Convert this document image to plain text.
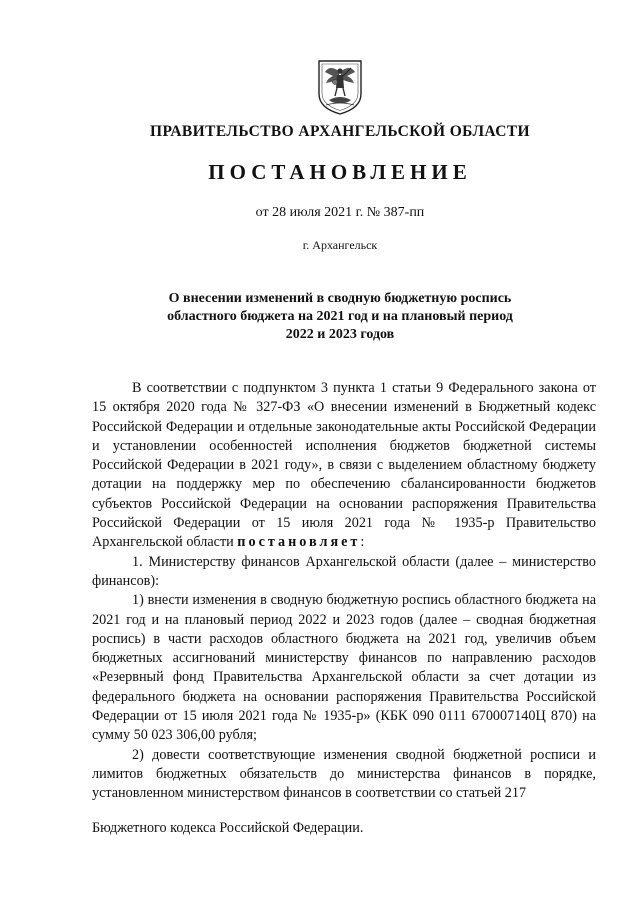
ПРАВИТЕЛЬСТВО АРХАНГЕЛЬСКОЙ ОБЛАСТИ
ПОСТАНОВЛЕНИЕ
от 28 июля 2021 г. № 387-пп
г. Архангельск
О внесении изменений в сводную бюджетную роспись
областного бюджета на 2021 год и на плановый период
2022 и 2023 годов

В соответствии с подпунктом 3 пункта 1 статьи 9 Федерального закона от 15 октября 2020 года № 327-ФЗ «О внесении изменений в Бюджетный кодекс Российской Федерации и отдельные законодательные акты Российской Федерации и установлении особенностей исполнения бюджетов бюджетной системы Российской Федерации в 2021 году», в связи с выделением областному бюджету дотации на поддержку мер по обеспечению сбалансированности бюджетов субъектов Российской Федерации на основании распоряжения Правительства Российской Федерации от 15 июля 2021 года № 1935-р Правительство Архангельской области постановляет:

1. Министерству финансов Архангельской области (далее – министерство финансов):

1) внести изменения в сводную бюджетную роспись областного бюджета на 2021 год и на плановый период 2022 и 2023 годов (далее – сводная бюджетная роспись) в части расходов областного бюджета на 2021 год, увеличив объем бюджетных ассигнований министерству финансов по направлению расходов «Резервный фонд Правительства Архангельской области за счет дотации из федерального бюджета на основании распоряжения Правительства Российской Федерации от 15 июля 2021 года № 1935-р» (КБК 090 0111 670007140Ц 870) на сумму 50 023 306,00 рубля;

2) довести соответствующие изменения сводной бюджетной росписи и лимитов бюджетных обязательств до министерства финансов в порядке, установленном министерством финансов в соответствии со статьей 217

Бюджетного кодекса Российской Федерации.
